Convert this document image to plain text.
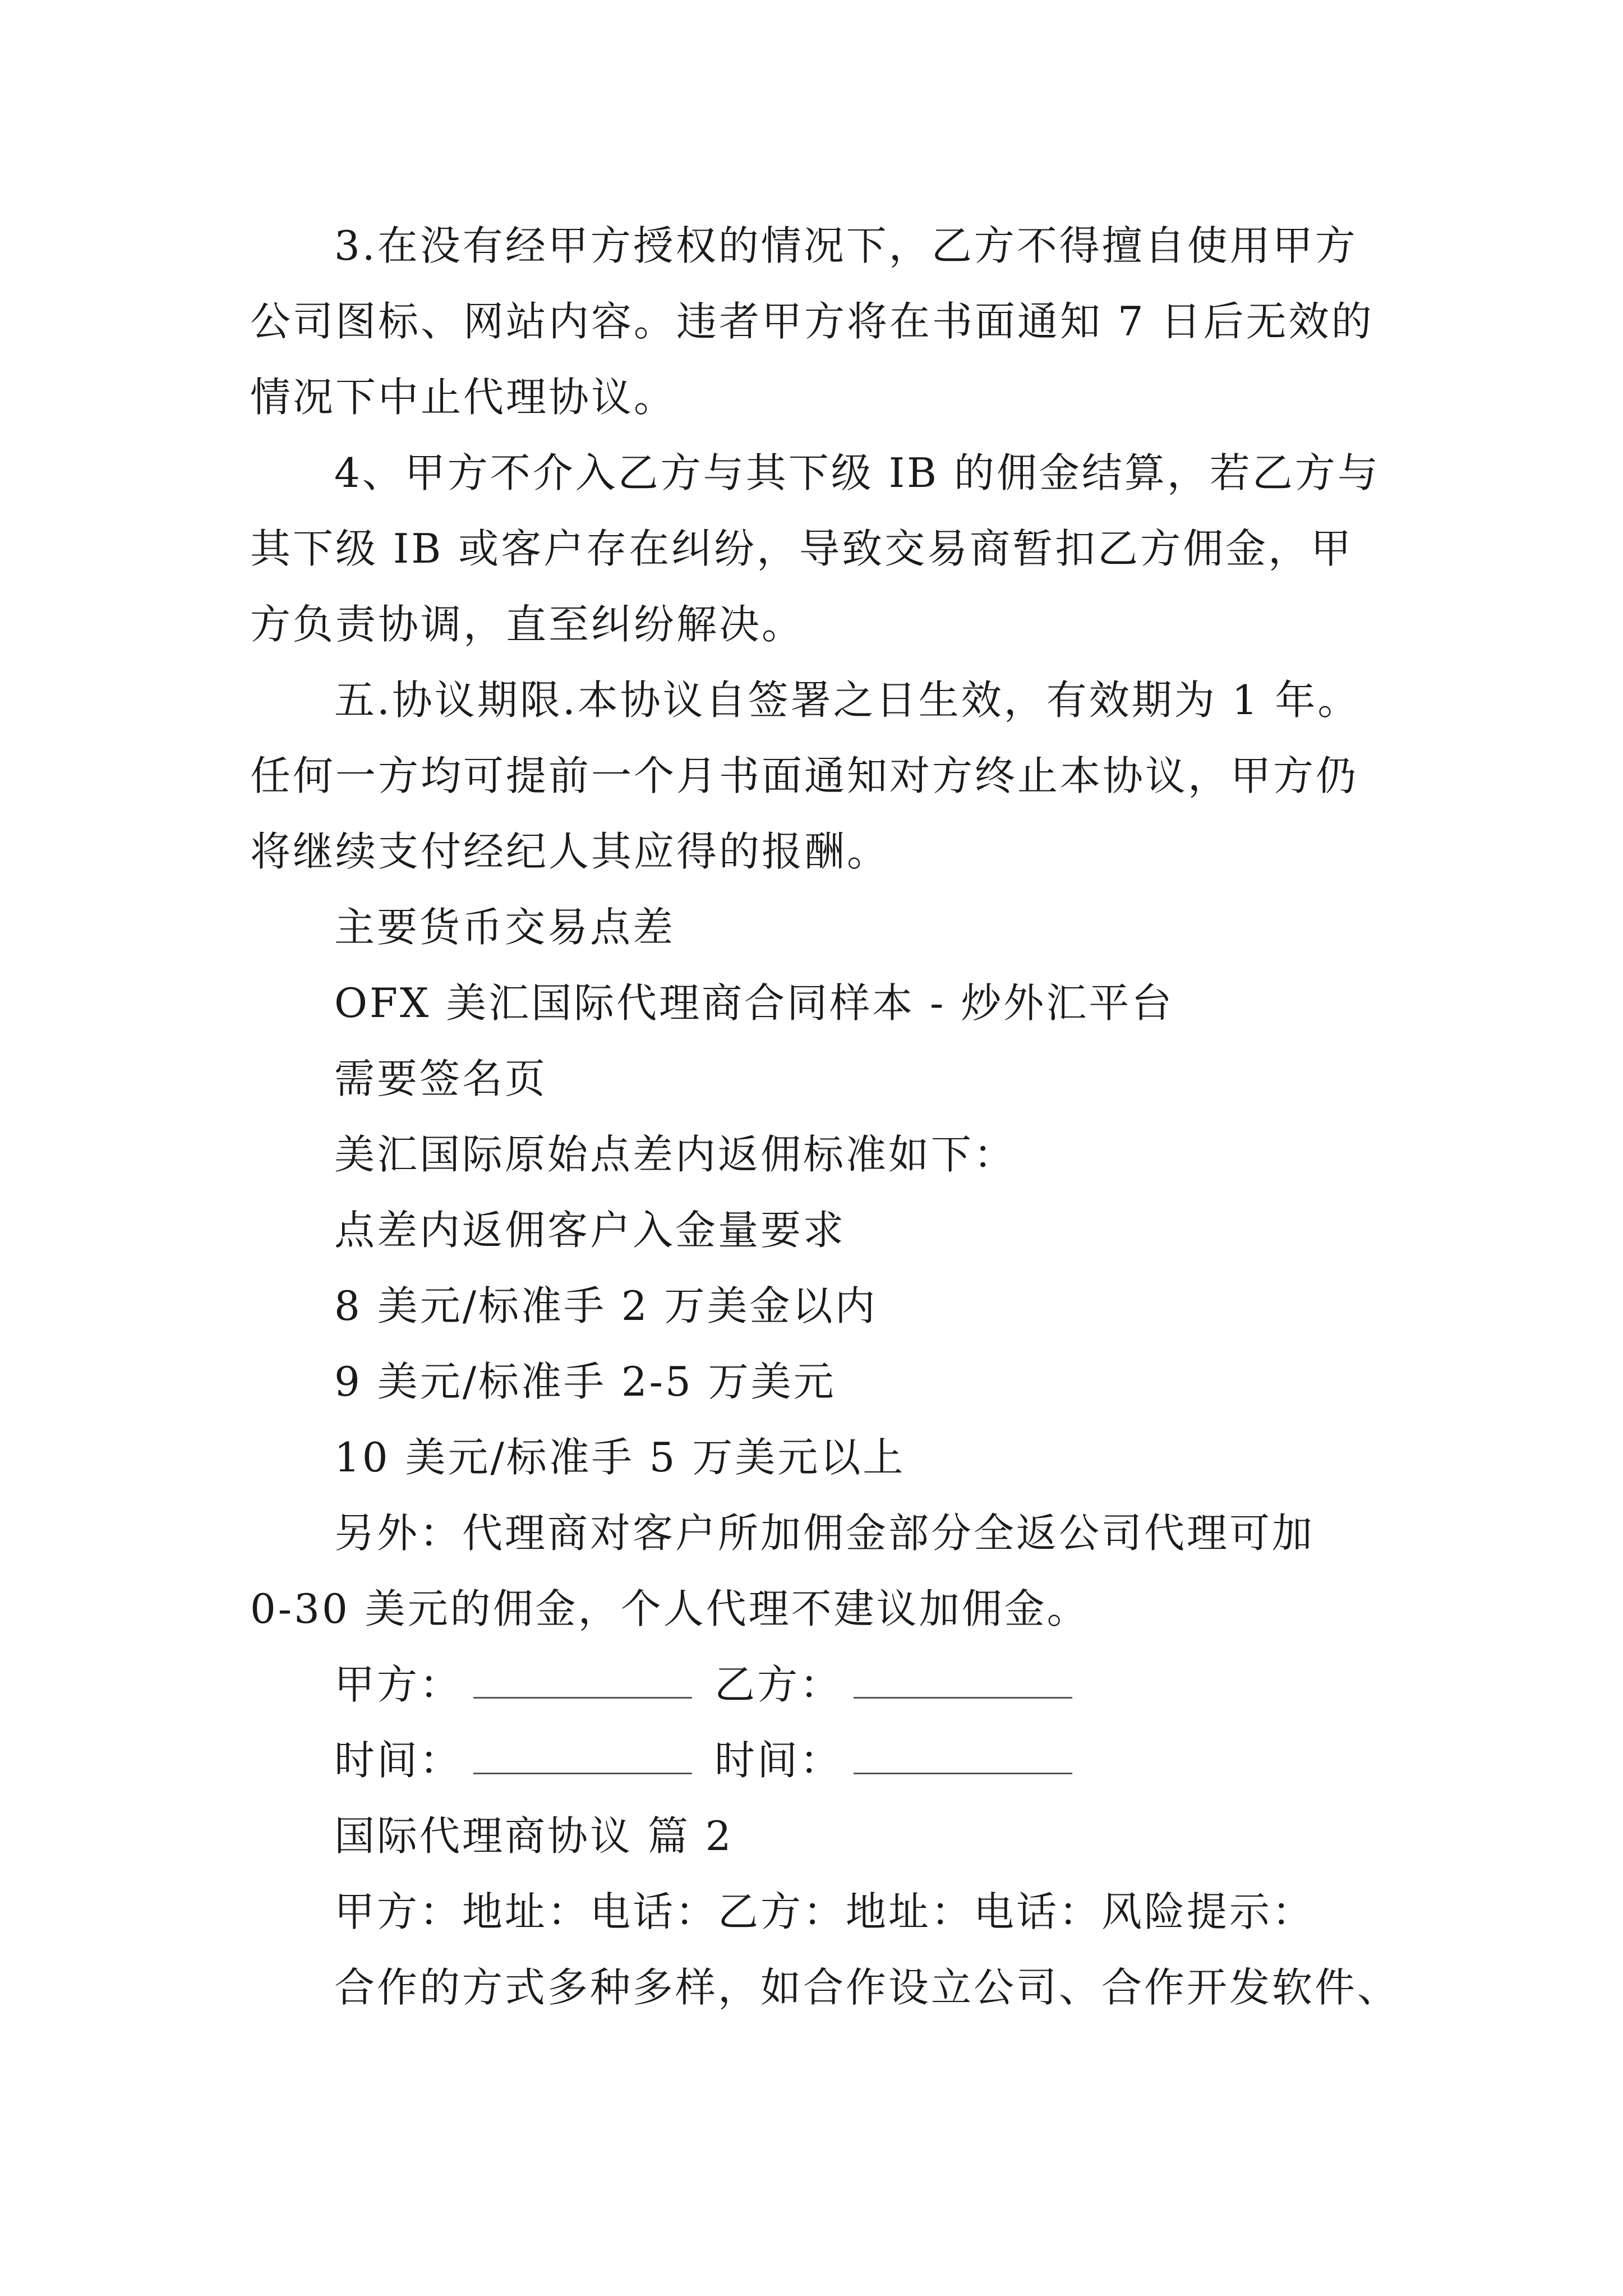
3.在没有经甲方授权的情况下，乙方不得擅自使用甲方
公司图标、网站内容。违者甲方将在书面通知 7 日后无效的
情况下中止代理协议。
4、甲方不介入乙方与其下级 IB 的佣金结算，若乙方与
其下级 IB 或客户存在纠纷，导致交易商暂扣乙方佣金，甲
方负责协调，直至纠纷解决。
五.协议期限.本协议自签署之日生效，有效期为 1 年。
任何一方均可提前一个月书面通知对方终止本协议，甲方仍
将继续支付经纪人其应得的报酬。
主要货币交易点差
OFX 美汇国际代理商合同样本 - 炒外汇平台
需要签名页
美汇国际原始点差内返佣标准如下：
点差内返佣客户入金量要求
8 美元/标准手 2 万美金以内
9 美元/标准手 2-5 万美元
10 美元/标准手 5 万美元以上
另外：代理商对客户所加佣金部分全返公司代理可加
0-30 美元的佣金，个人代理不建议加佣金。
甲方：	乙方：
时间：	时间：
国际代理商协议 篇 2
甲方：地址：电话：乙方：地址：电话：风险提示：
合作的方式多种多样，如合作设立公司、合作开发软件、
